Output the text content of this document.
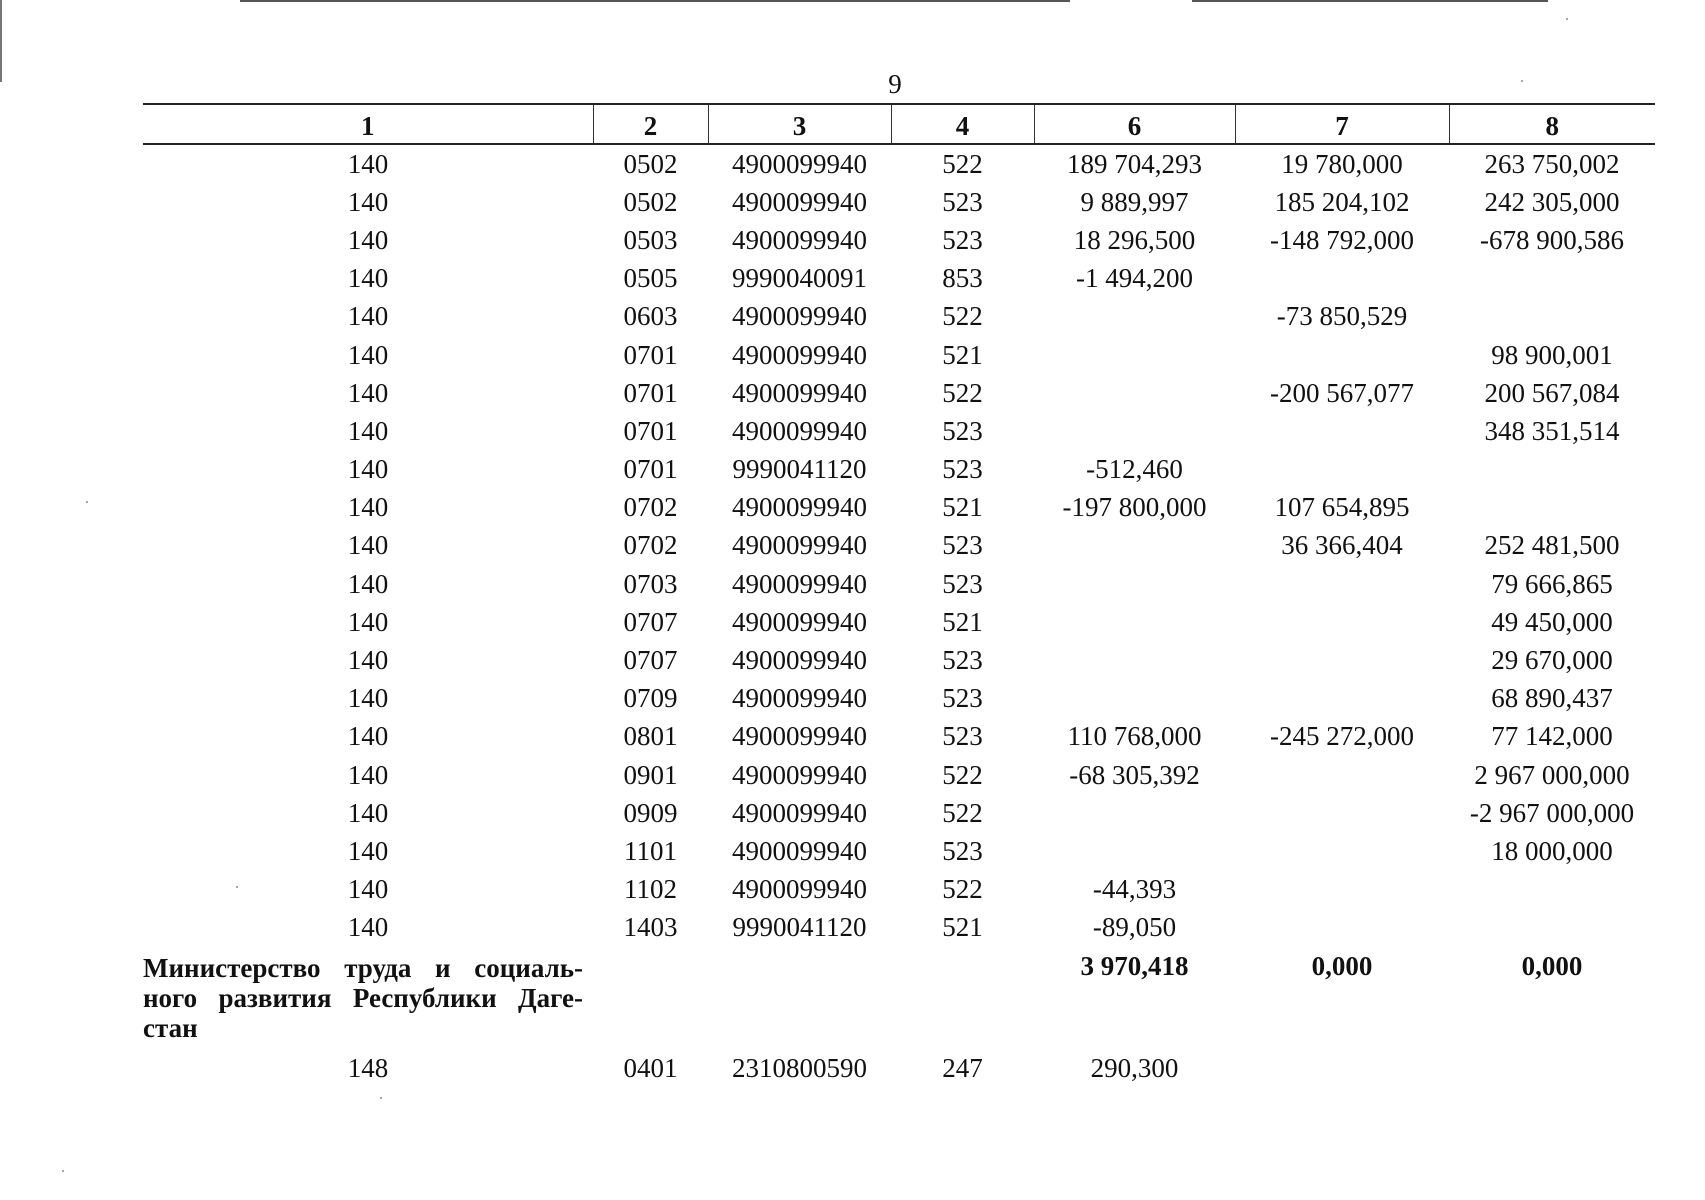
9
1	2	3	4	6	7	8
140	0502	4900099940	522	189 704,293	19 780,000	263 750,002
140	0502	4900099940	523	9 889,997	185 204,102	242 305,000
140	0503	4900099940	523	18 296,500	-148 792,000	-678 900,586
140	0505	9990040091	853	-1 494,200		
140	0603	4900099940	522		-73 850,529	
140	0701	4900099940	521			98 900,001
140	0701	4900099940	522		-200 567,077	200 567,084
140	0701	4900099940	523			348 351,514
140	0701	9990041120	523	-512,460		
140	0702	4900099940	521	-197 800,000	107 654,895	
140	0702	4900099940	523		36 366,404	252 481,500
140	0703	4900099940	523			79 666,865
140	0707	4900099940	521			49 450,000
140	0707	4900099940	523			29 670,000
140	0709	4900099940	523			68 890,437
140	0801	4900099940	523	110 768,000	-245 272,000	77 142,000
140	0901	4900099940	522	-68 305,392		2 967 000,000
140	0909	4900099940	522			-2 967 000,000
140	1101	4900099940	523			18 000,000
140	1102	4900099940	522	-44,393		
140	1403	9990041120	521	-89,050		
Министерство труда и социаль-ного развития Республики Даге-стан				3 970,418	0,000	0,000
148	0401	2310800590	247	290,300		
